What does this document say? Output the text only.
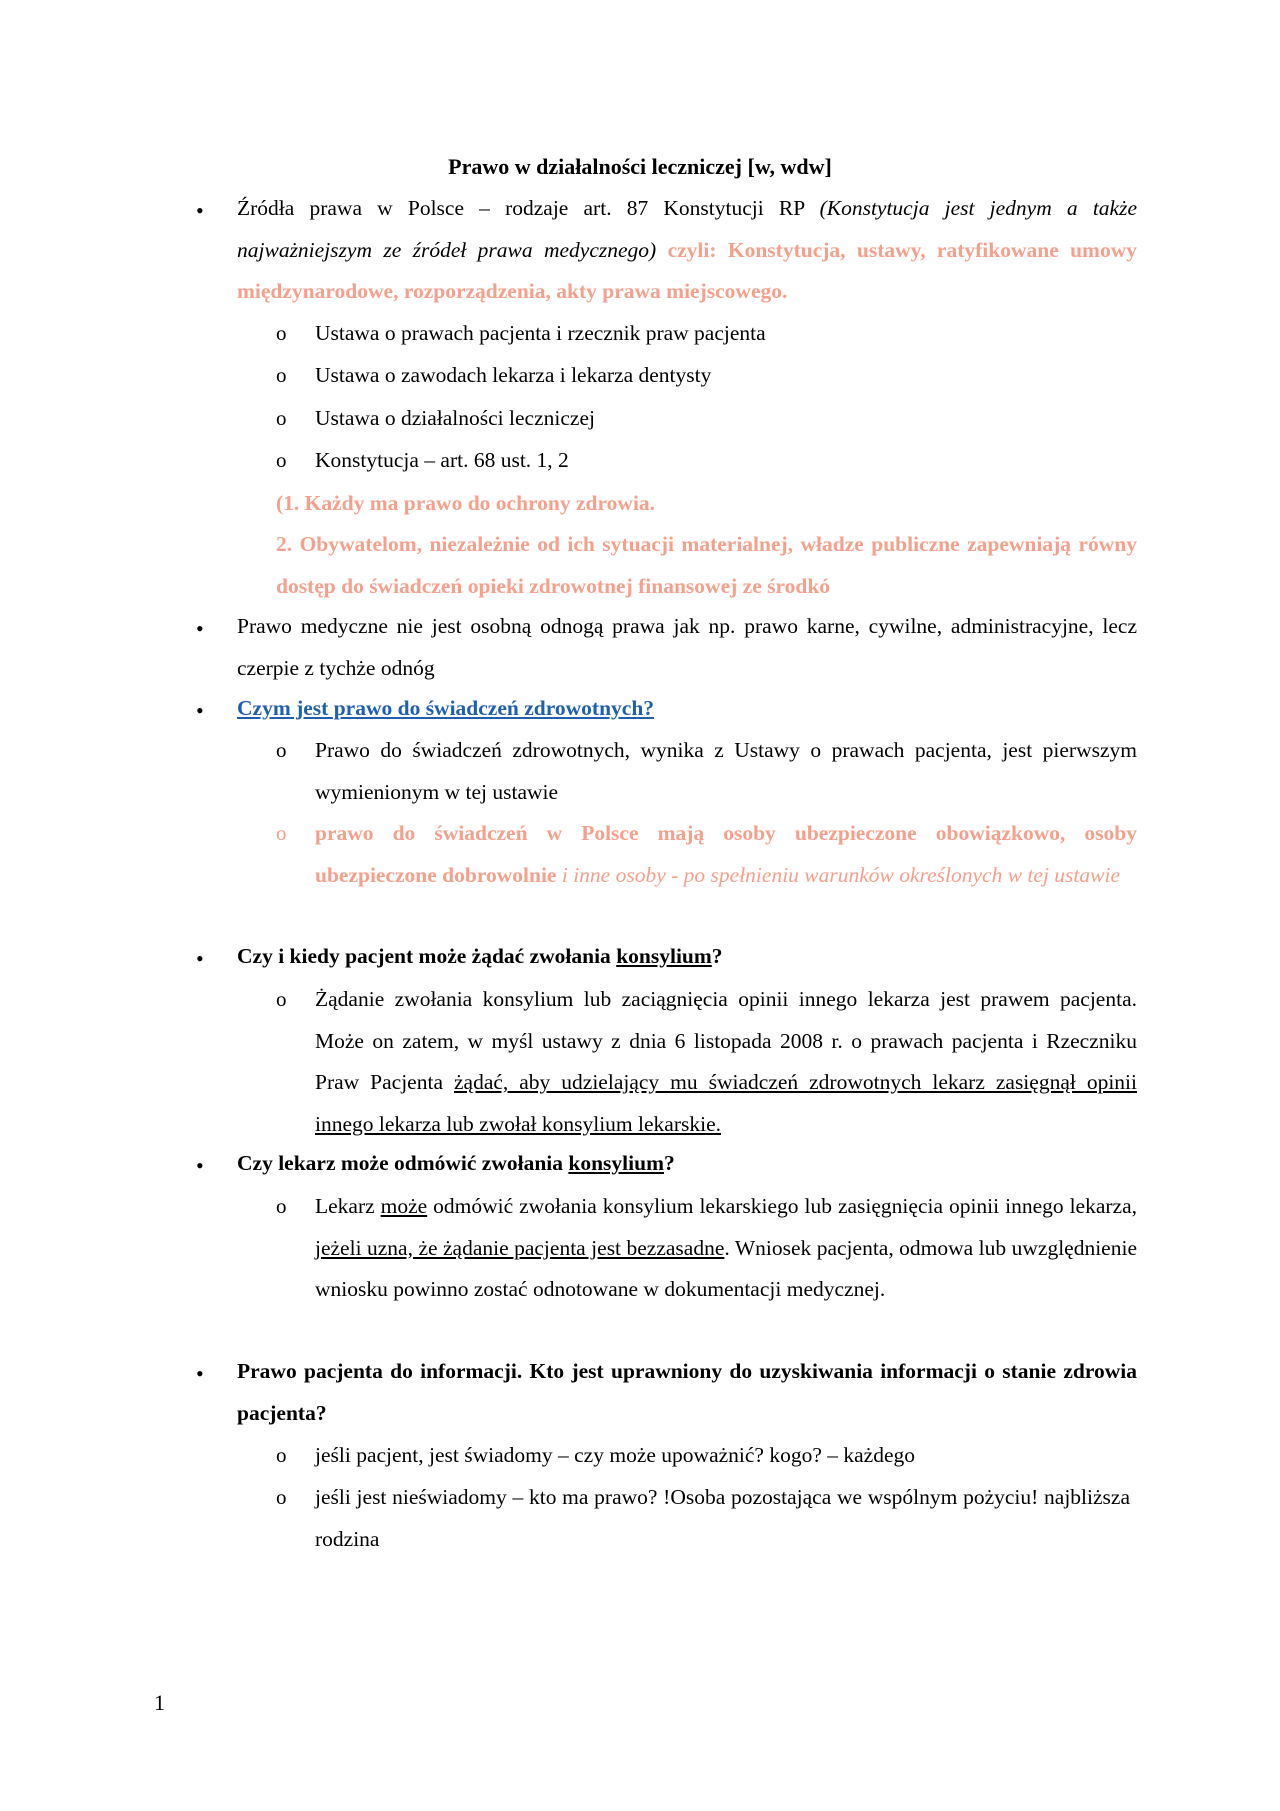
Prawo w działalności leczniczej [w, wdw]
• Źródła prawa w Polsce – rodzaje art. 87 Konstytucji RP (Konstytucja jest jednym a także najważniejszym ze źródeł prawa medycznego) czyli: Konstytucja, ustawy, ratyfikowane umowy międzynarodowe, rozporządzenia, akty prawa miejscowego.
o Ustawa o prawach pacjenta i rzecznik praw pacjenta
o Ustawa o zawodach lekarza i lekarza dentysty
o Ustawa o działalności leczniczej
o Konstytucja – art. 68 ust. 1, 2
(1. Każdy ma prawo do ochrony zdrowia.
2. Obywatelom, niezależnie od ich sytuacji materialnej, władze publiczne zapewniają równy dostęp do świadczeń opieki zdrowotnej finansowej ze środkó
• Prawo medyczne nie jest osobną odnogą prawa jak np. prawo karne, cywilne, administracyjne, lecz czerpie z tychże odnóg
• Czym jest prawo do świadczeń zdrowotnych?
o Prawo do świadczeń zdrowotnych, wynika z Ustawy o prawach pacjenta, jest pierwszym wymienionym w tej ustawie
o prawo do świadczeń w Polsce mają osoby ubezpieczone obowiązkowo, osoby ubezpieczone dobrowolnie i inne osoby - po spełnieniu warunków określonych w tej ustawie
• Czy i kiedy pacjent może żądać zwołania konsylium?
o Żądanie zwołania konsylium lub zaciągnięcia opinii innego lekarza jest prawem pacjenta. Może on zatem, w myśl ustawy z dnia 6 listopada 2008 r. o prawach pacjenta i Rzeczniku Praw Pacjenta żądać, aby udzielający mu świadczeń zdrowotnych lekarz zasięgnął opinii innego lekarza lub zwołał konsylium lekarskie.
• Czy lekarz może odmówić zwołania konsylium?
o Lekarz może odmówić zwołania konsylium lekarskiego lub zasięgnięcia opinii innego lekarza, jeżeli uzna, że żądanie pacjenta jest bezzasadne. Wniosek pacjenta, odmowa lub uwzględnienie wniosku powinno zostać odnotowane w dokumentacji medycznej.
• Prawo pacjenta do informacji. Kto jest uprawniony do uzyskiwania informacji o stanie zdrowia pacjenta?
o jeśli pacjent, jest świadomy – czy może upoważnić? kogo? – każdego
o jeśli jest nieświadomy – kto ma prawo? !Osoba pozostająca we wspólnym pożyciu! najbliższa rodzina
1
